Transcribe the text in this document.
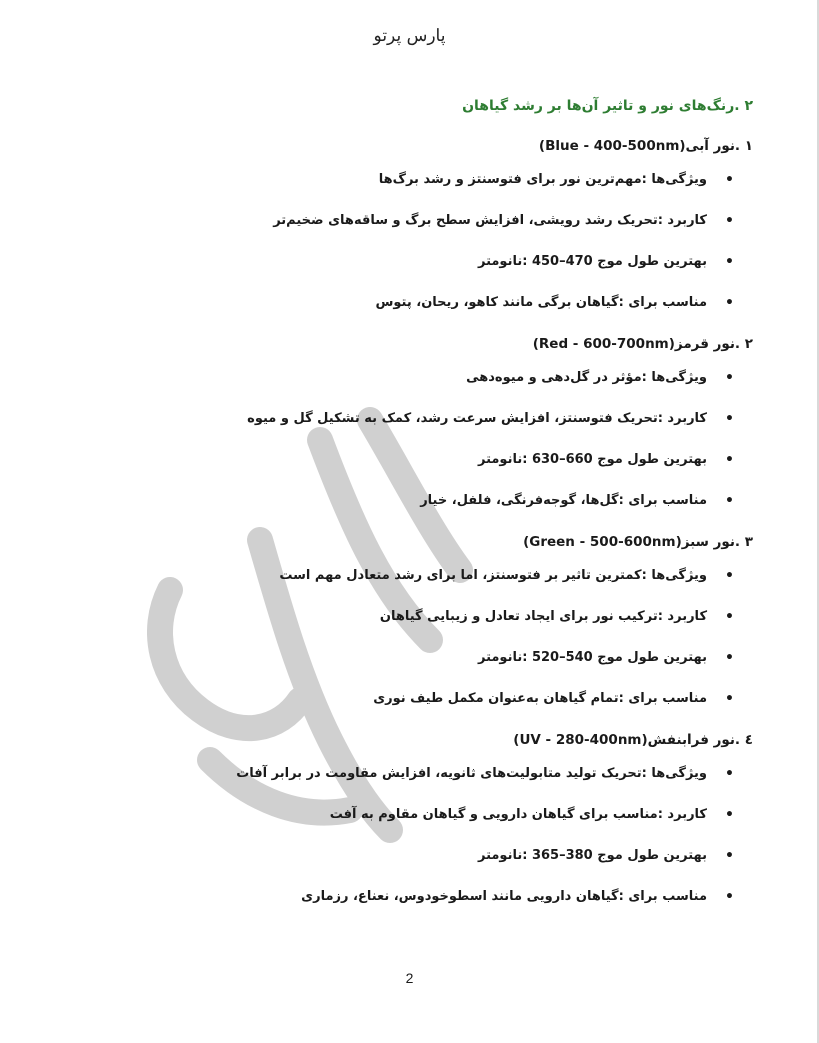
پارس پرتو
۲ .رنگ‌های نور و تاثیر آن‌ها بر رشد گیاهان
۱ .نور آبی(Blue - 400-500nm)
•
ویژگی‌ها :مهم‌ترین نور برای فتوسنتز و رشد برگ‌ها
•
کاربرد :تحریک رشد رویشی، افزایش سطح برگ و ساقه‌های ضخیم‌تر
•
بهترین طول موج 470–450 :نانومتر
•
مناسب برای :گیاهان برگی مانند کاهو، ریحان، پتوس
۲ .نور قرمز(Red - 600-700nm)
•
ویژگی‌ها :مؤثر در گل‌دهی و میوه‌دهی
•
کاربرد :تحریک فتوسنتز، افزایش سرعت رشد، کمک به تشکیل گل و میوه
•
بهترین طول موج 660–630 :نانومتر
•
مناسب برای :گل‌ها، گوجه‌فرنگی، فلفل، خیار
۳ .نور سبز(Green - 500-600nm)
•
ویژگی‌ها :کمترین تاثیر بر فتوسنتز، اما برای رشد متعادل مهم است
•
کاربرد :ترکیب نور برای ایجاد تعادل و زیبایی گیاهان
•
بهترین طول موج 540–520 :نانومتر
•
مناسب برای :تمام گیاهان به‌عنوان مکمل طیف نوری
٤ .نور فرابنفش(UV - 280-400nm)
•
ویژگی‌ها :تحریک تولید متابولیت‌های ثانویه، افزایش مقاومت در برابر آفات
•
کاربرد :مناسب برای گیاهان دارویی و گیاهان مقاوم به آفت
•
بهترین طول موج 380–365 :نانومتر
•
مناسب برای :گیاهان دارویی مانند اسطوخودوس، نعناع، رزماری
2
